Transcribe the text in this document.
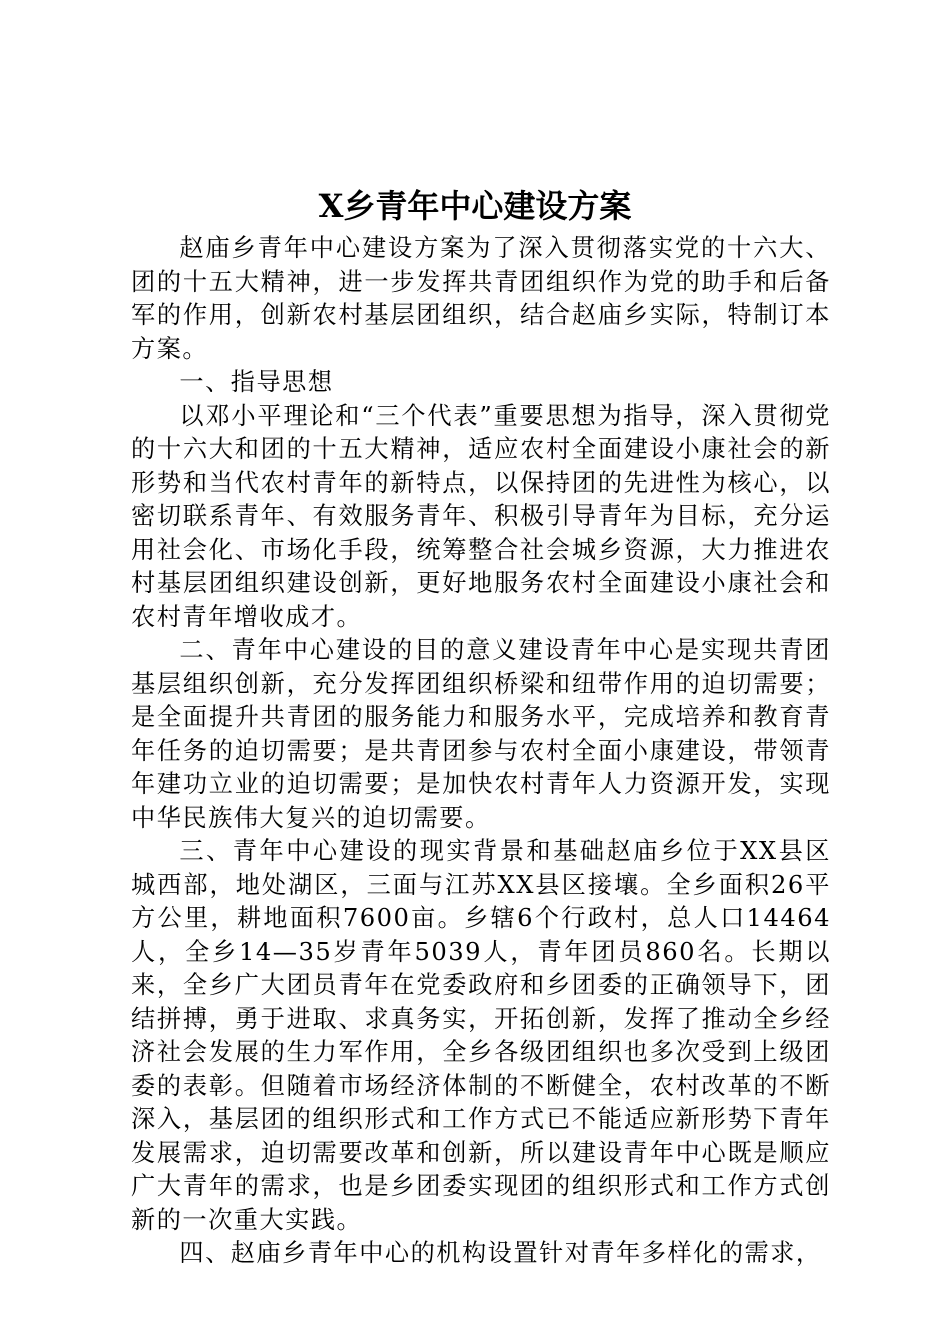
X乡青年中心建设方案

赵庙乡青年中心建设方案为了深入贯彻落实党的十六大、团的十五大精神，进一步发挥共青团组织作为党的助手和后备军的作用，创新农村基层团组织，结合赵庙乡实际，特制订本方案。

一、指导思想

以邓小平理论和“三个代表”重要思想为指导，深入贯彻党的十六大和团的十五大精神，适应农村全面建设小康社会的新形势和当代农村青年的新特点，以保持团的先进性为核心，以密切联系青年、有效服务青年、积极引导青年为目标，充分运用社会化、市场化手段，统筹整合社会城乡资源，大力推进农村基层团组织建设创新，更好地服务农村全面建设小康社会和农村青年增收成才。

二、青年中心建设的目的意义建设青年中心是实现共青团基层组织创新，充分发挥团组织桥梁和纽带作用的迫切需要；是全面提升共青团的服务能力和服务水平，完成培养和教育青年任务的迫切需要；是共青团参与农村全面小康建设，带领青年建功立业的迫切需要；是加快农村青年人力资源开发，实现中华民族伟大复兴的迫切需要。

三、青年中心建设的现实背景和基础赵庙乡位于XX县区城西部，地处湖区，三面与江苏XX县区接壤。全乡面积26平方公里，耕地面积7600亩。乡辖6个行政村，总人口14464人，全乡14—35岁青年5039人，青年团员860名。长期以来，全乡广大团员青年在党委政府和乡团委的正确领导下，团结拼搏，勇于进取、求真务实，开拓创新，发挥了推动全乡经济社会发展的生力军作用，全乡各级团组织也多次受到上级团委的表彰。但随着市场经济体制的不断健全，农村改革的不断深入，基层团的组织形式和工作方式已不能适应新形势下青年发展需求，迫切需要改革和创新，所以建设青年中心既是顺应广大青年的需求，也是乡团委实现团的组织形式和工作方式创新的一次重大实践。

四、赵庙乡青年中心的机构设置针对青年多样化的需求，
